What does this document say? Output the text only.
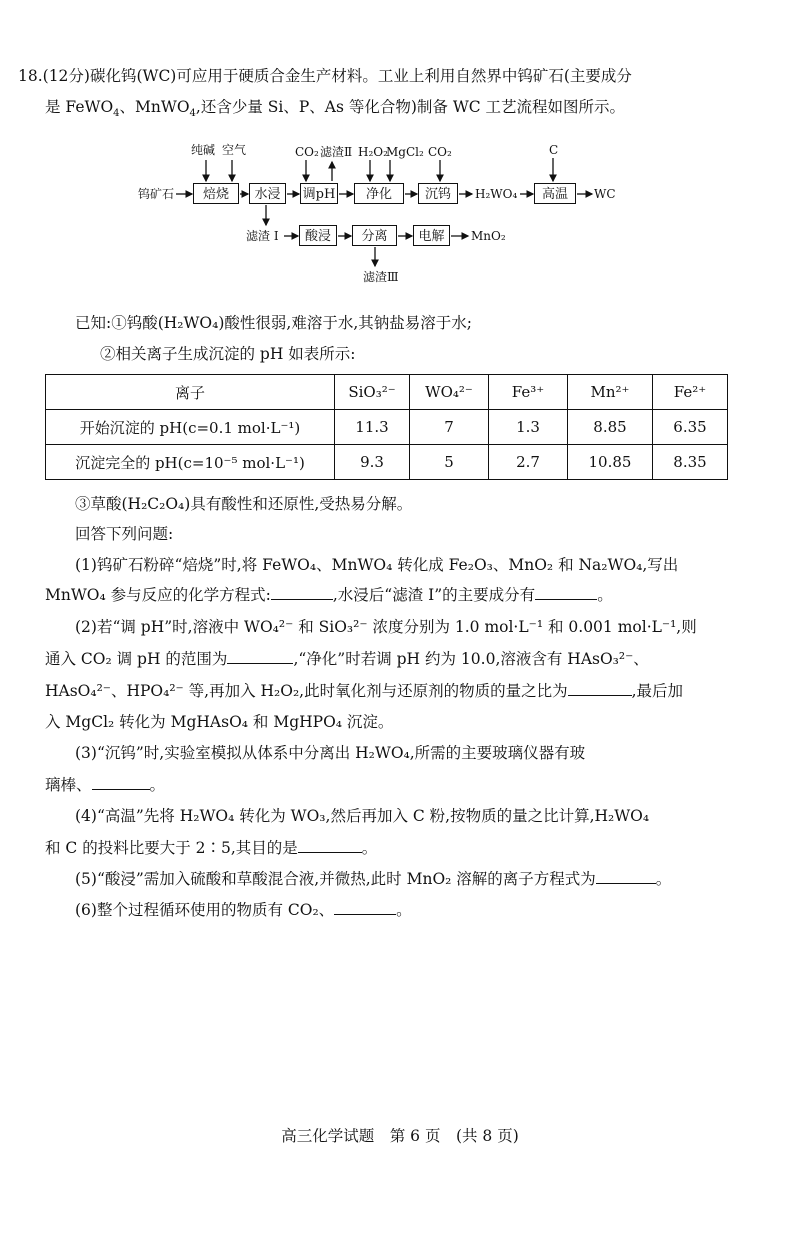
18.(12分)碳化钨(WC)可应用于硬质合金生产材料。工业上利用自然界中钨矿石(主要成分
是 FeWO$_4$、MnWO$_4$,还含少量 Si、P、As 等化合物)制备 WC 工艺流程如图所示。
钨矿石	焙烧	水浸	调pH	净化	沉钨	高温
酸浸	分离	电解
纯碱 空气	CO₂ 滤渣Ⅱ H₂O₂
MgCl₂ CO₂	C
H₂WO₄	WC
滤渣 Ⅰ	MnO₂
滤渣Ⅲ
已知:①钨酸(H₂WO₄)酸性很弱,难溶于水,其钠盐易溶于水;
②相关离子生成沉淀的 pH 如表所示:
离子	SiO₃²⁻	WO₄²⁻	Fe³⁺	Mn²⁺	Fe²⁺
开始沉淀的 pH(c=0.1 mol·L⁻¹)	11.3	7	1.3	8.85	6.35
沉淀完全的 pH(c=10⁻⁵ mol·L⁻¹)	9.3	5	2.7	10.85	8.35
③草酸(H₂C₂O₄)具有酸性和还原性,受热易分解。
回答下列问题:
(1)钨矿石粉碎“焙烧”时,将 FeWO₄、MnWO₄ 转化成 Fe₂O₃、MnO₂ 和 Na₂WO₄,写出
MnWO₄ 参与反应的化学方程式:	,水浸后“滤渣 Ⅰ”的主要成分有	。
(2)若“调 pH”时,溶液中 WO₄²⁻ 和 SiO₃²⁻ 浓度分别为 1.0 mol·L⁻¹ 和 0.001 mol·L⁻¹,则
通入 CO₂ 调 pH 的范围为	,“净化”时若调 pH 约为 10.0,溶液含有 HAsO₃²⁻、
HAsO₄²⁻、HPO₄²⁻ 等,再加入 H₂O₂,此时氧化剂与还原剂的物质的量之比为	,最后加
入 MgCl₂ 转化为 MgHAsO₄ 和 MgHPO₄ 沉淀。
(3)“沉钨”时,实验室模拟从体系中分离出 H₂WO₄,所需的主要玻璃仪器有玻
璃棒、	。
(4)“高温”先将 H₂WO₄ 转化为 WO₃,然后再加入 C 粉,按物质的量之比计算,H₂WO₄
和 C 的投料比要大于 2∶5,其目的是	。
(5)“酸浸”需加入硫酸和草酸混合液,并微热,此时 MnO₂ 溶解的离子方程式为	。
(6)整个过程循环使用的物质有 CO₂、	。
高三化学试题　第 6 页　(共 8 页)
